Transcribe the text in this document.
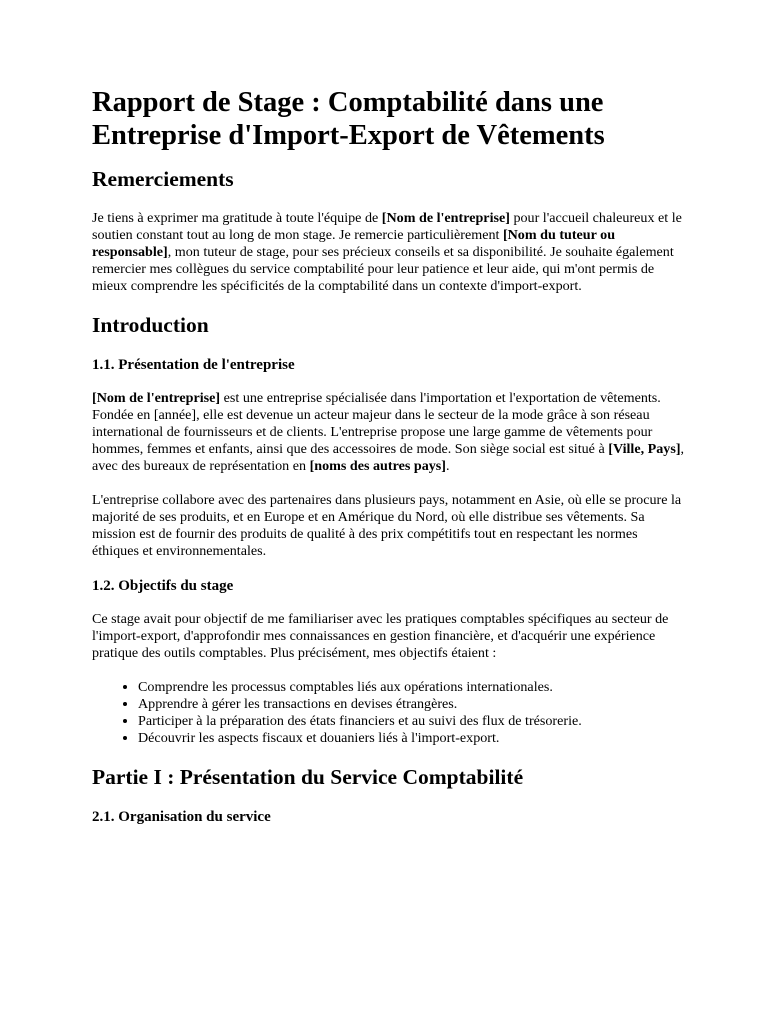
Rapport de Stage : Comptabilité dans une Entreprise d'Import-Export de Vêtements
Remerciements

Je tiens à exprimer ma gratitude à toute l'équipe de [Nom de l'entreprise] pour l'accueil chaleureux et le soutien constant tout au long de mon stage. Je remercie particulièrement [Nom du tuteur ou responsable], mon tuteur de stage, pour ses précieux conseils et sa disponibilité. Je souhaite également remercier mes collègues du service comptabilité pour leur patience et leur aide, qui m'ont permis de mieux comprendre les spécificités de la comptabilité dans un contexte d'import-export.

Introduction
1.1. Présentation de l'entreprise

[Nom de l'entreprise] est une entreprise spécialisée dans l'importation et l'exportation de vêtements. Fondée en [année], elle est devenue un acteur majeur dans le secteur de la mode grâce à son réseau international de fournisseurs et de clients. L'entreprise propose une large gamme de vêtements pour hommes, femmes et enfants, ainsi que des accessoires de mode. Son siège social est situé à [Ville, Pays], avec des bureaux de représentation en [noms des autres pays].

L'entreprise collabore avec des partenaires dans plusieurs pays, notamment en Asie, où elle se procure la majorité de ses produits, et en Europe et en Amérique du Nord, où elle distribue ses vêtements. Sa mission est de fournir des produits de qualité à des prix compétitifs tout en respectant les normes éthiques et environnementales.

1.2. Objectifs du stage

Ce stage avait pour objectif de me familiariser avec les pratiques comptables spécifiques au secteur de l'import-export, d'approfondir mes connaissances en gestion financière, et d'acquérir une expérience pratique des outils comptables. Plus précisément, mes objectifs étaient :

• Comprendre les processus comptables liés aux opérations internationales.
• Apprendre à gérer les transactions en devises étrangères.
• Participer à la préparation des états financiers et au suivi des flux de trésorerie.
• Découvrir les aspects fiscaux et douaniers liés à l'import-export.
Partie I : Présentation du Service Comptabilité
2.1. Organisation du service
